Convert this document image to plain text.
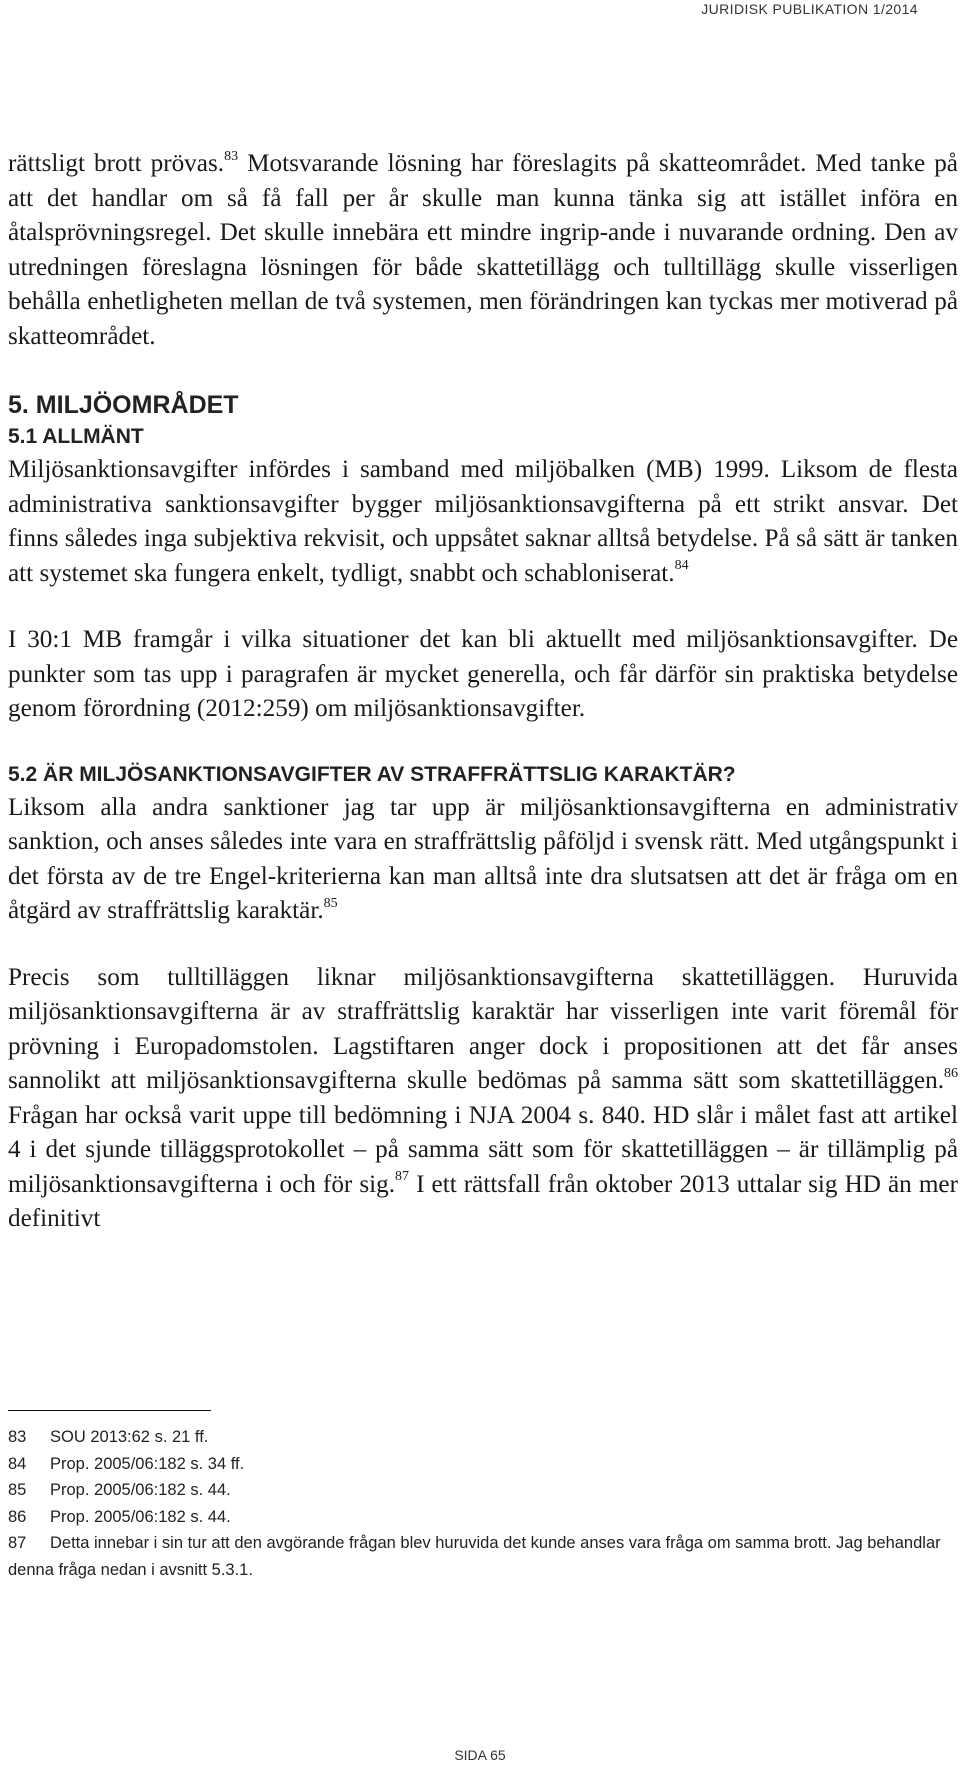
JURIDISK PUBLIKATION 1/2014

rättsligt brott prövas.$^{83}$ Motsvarande lösning har föreslagits på skatteområdet. Med tanke på att det handlar om så få fall per år skulle man kunna tänka sig att istället införa en åtalsprövningsregel. Det skulle innebära ett mindre ingrip-ande i nuvarande ordning. Den av utredningen föreslagna lösningen för både skattetillägg och tulltillägg skulle visserligen behålla enhetligheten mellan de två systemen, men förändringen kan tyckas mer motiverad på skatteområdet.

5. MILJÖOMRÅDET
5.1 ALLMÄNT

Miljösanktionsavgifter infördes i samband med miljöbalken (MB) 1999. Liksom de flesta administrativa sanktionsavgifter bygger miljösanktionsavgifterna på ett strikt ansvar. Det finns således inga subjektiva rekvisit, och uppsåtet saknar alltså betydelse. På så sätt är tanken att systemet ska fungera enkelt, tydligt, snabbt och schabloniserat.$^{84}$

I 30:1 MB framgår i vilka situationer det kan bli aktuellt med miljösanktionsavgifter. De punkter som tas upp i paragrafen är mycket generella, och får därför sin praktiska betydelse genom förordning (2012:259) om miljösanktionsavgifter.

5.2 ÄR MILJÖSANKTIONSAVGIFTER AV STRAFFRÄTTSLIG KARAKTÄR?

Liksom alla andra sanktioner jag tar upp är miljösanktionsavgifterna en administrativ sanktion, och anses således inte vara en straffrättslig påföljd i svensk rätt. Med utgångspunkt i det första av de tre Engel-kriterierna kan man alltså inte dra slutsatsen att det är fråga om en åtgärd av straffrättslig karaktär.$^{85}$

Precis som tulltilläggen liknar miljösanktionsavgifterna skattetilläggen. Huruvida miljösanktionsavgifterna är av straffrättslig karaktär har visserligen inte varit föremål för prövning i Europadomstolen. Lagstiftaren anger dock i propositionen att det får anses sannolikt att miljösanktionsavgifterna skulle bedömas på samma sätt som skattetilläggen.$^{86}$ Frågan har också varit uppe till bedömning i NJA 2004 s. 840. HD slår i målet fast att artikel 4 i det sjunde tilläggsprotokollet – på samma sätt som för skattetilläggen – är tillämplig på miljösanktionsavgifterna i och för sig.$^{87}$ I ett rättsfall från oktober 2013 uttalar sig HD än mer definitivt

83 SOU 2013:62 s. 21 ff.
84 Prop. 2005/06:182 s. 34 ff.
85 Prop. 2005/06:182 s. 44.
86 Prop. 2005/06:182 s. 44.
87 Detta innebar i sin tur att den avgörande frågan blev huruvida det kunde anses vara fråga om samma brott. Jag behandlar denna fråga nedan i avsnitt 5.3.1.
SIDA 65
